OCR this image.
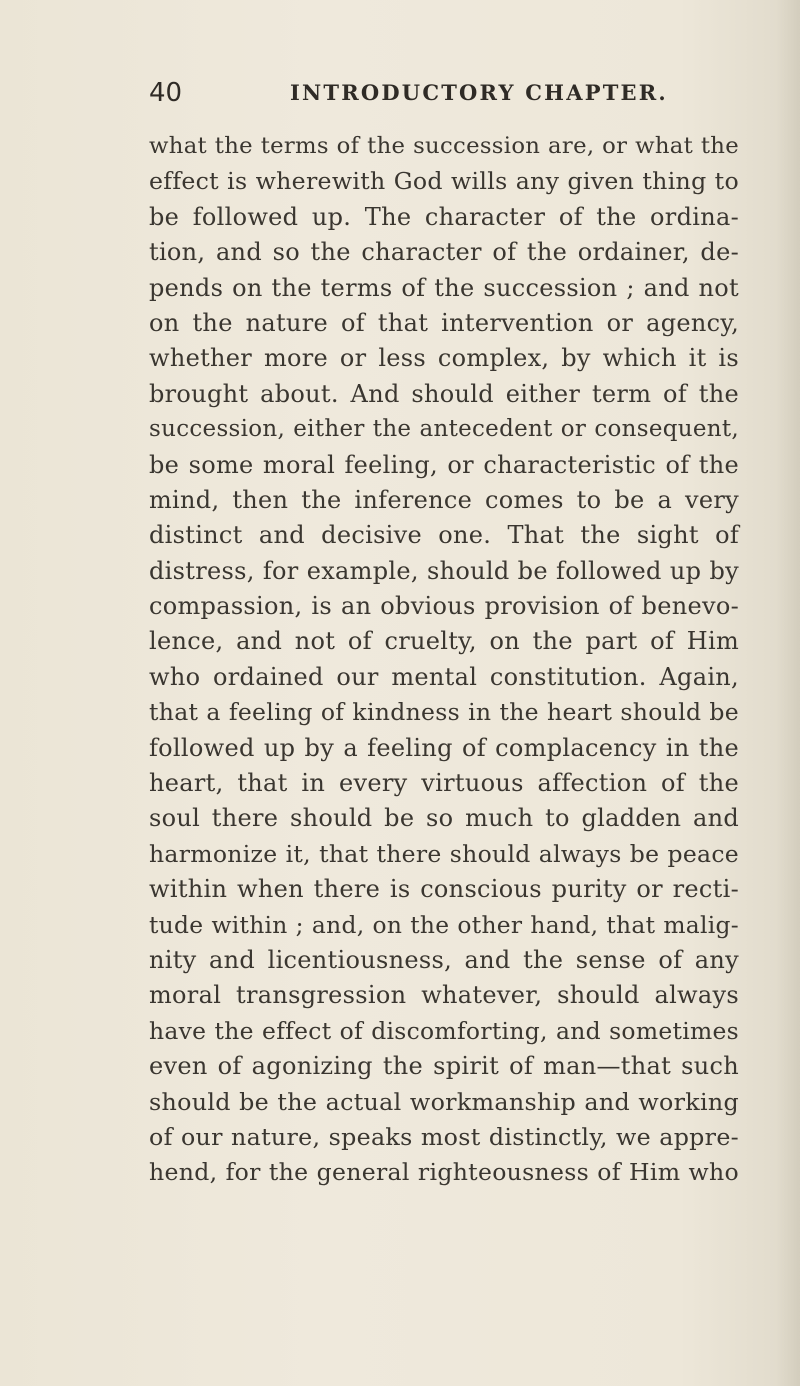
40	INTRODUCTORY CHAPTER.
what the terms of the succession are, or what the
effect is wherewith God wills any given thing to
be followed up. The character of the ordina-
tion, and so the character of the ordainer, de-
pends on the terms of the succession ; and not
on the nature of that intervention or agency,
whether more or less complex, by which it is
brought about. And should either term of the
succession, either the antecedent or consequent,
be some moral feeling, or characteristic of the
mind, then the inference comes to be a very
distinct and decisive one. That the sight of
distress, for example, should be followed up by
compassion, is an obvious provision of benevo-
lence, and not of cruelty, on the part of Him
who ordained our mental constitution. Again,
that a feeling of kindness in the heart should be
followed up by a feeling of complacency in the
heart, that in every virtuous affection of the
soul there should be so much to gladden and
harmonize it, that there should always be peace
within when there is conscious purity or recti-
tude within ; and, on the other hand, that malig-
nity and licentiousness, and the sense of any
moral transgression whatever, should always
have the effect of discomforting, and sometimes
even of agonizing the spirit of man—that such
should be the actual workmanship and working
of our nature, speaks most distinctly, we appre-
hend, for the general righteousness of Him who
